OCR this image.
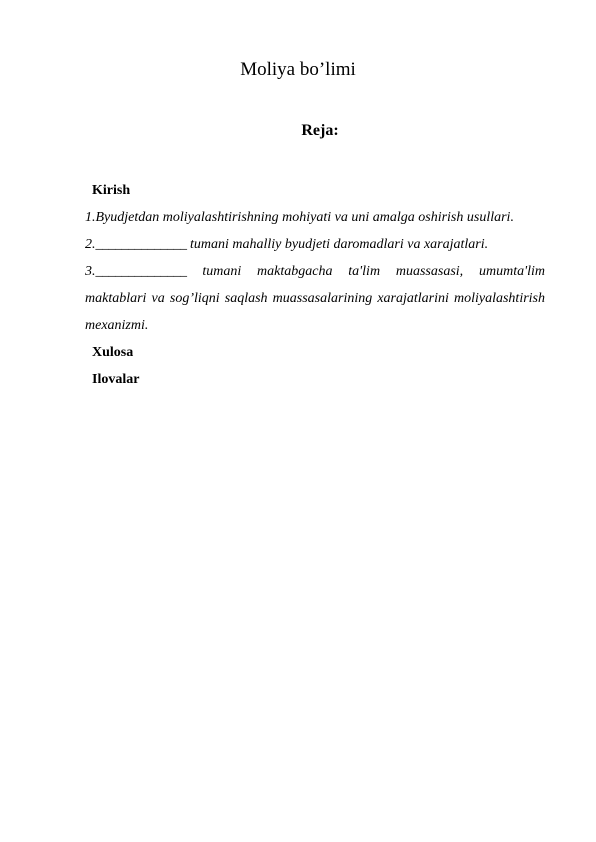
Moliya bo’limi
Reja:
Kirish
1.Byudjetdan moliyalashtirishning mohiyati va uni amalga oshirish usullari.
2.______________ tumani mahalliy byudjeti daromadlari va xarajatlari.
3.______________ tumani maktabgacha ta'lim muassasasi, umumta'lim maktablari va sog’liqni saqlash muassasalarining xarajatlarini moliyalashtirish mexanizmi.
Xulosa
Ilovalar
